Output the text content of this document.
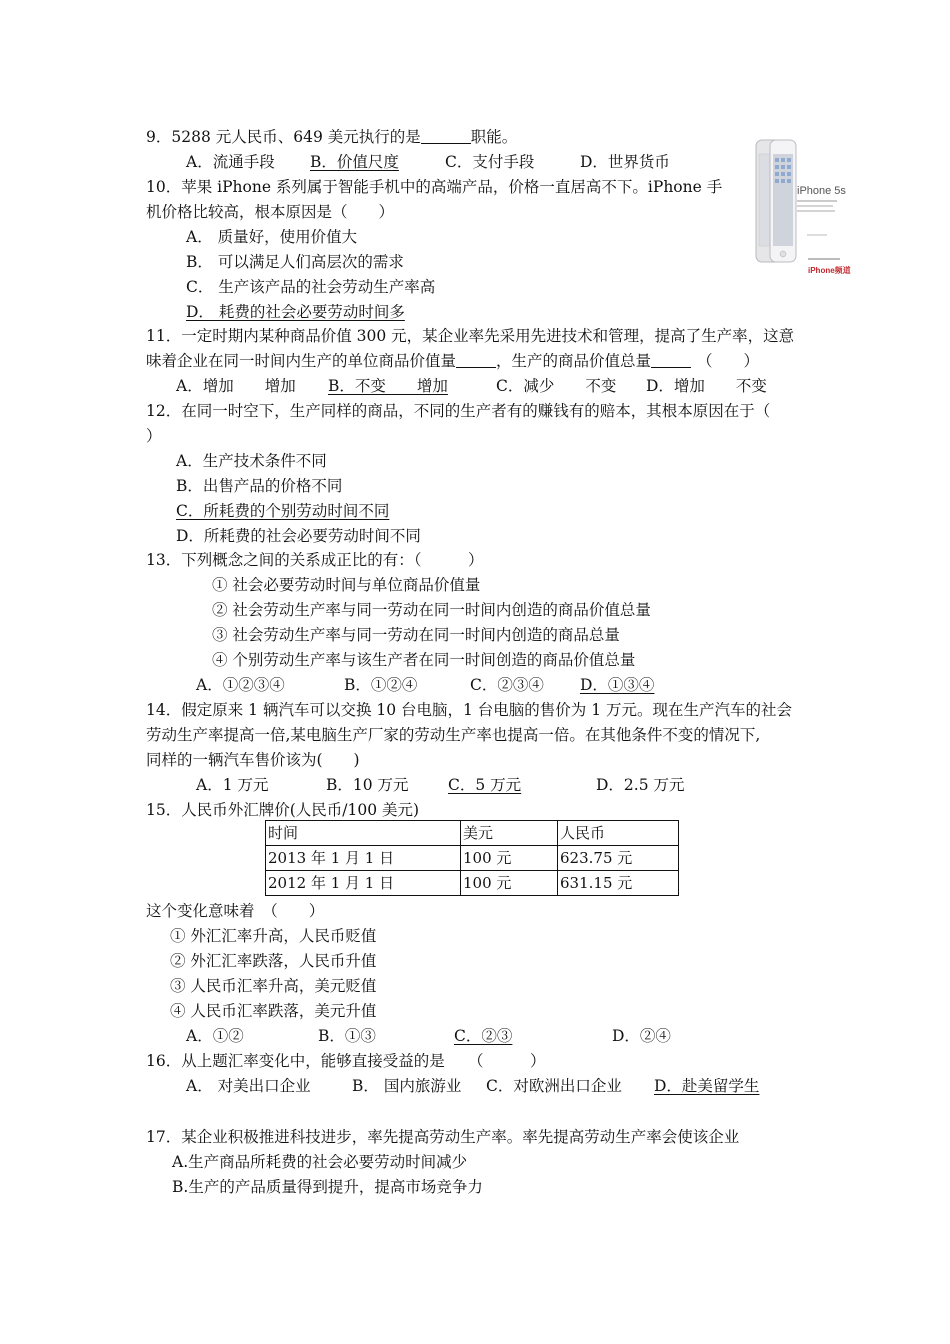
9．5288 元人民币、649 美元执行的是	职能。
A．流通手段 B．价值尺度	C．支付手段	D．世界货币
iPhone 5s
iPhone频道
10．苹果 iPhone 系列属于智能手机中的高端产品，价格一直居高不下。iPhone 手
机价格比较高，根本原因是（　　）
A． 质量好，使用价值大
B． 可以满足人们高层次的需求
C． 生产该产品的社会劳动生产率高
D． 耗费的社会必要劳动时间多
11．一定时期内某种商品价值 300 元，某企业率先采用先进技术和管理，提高了生产率，这意
味着企业在同一时间内生产的单位商品价值量	，生产的商品价值总量	（　　）
A．增加　　增加 B．不变　　增加	C．减少　　不变 D．增加　　不变
12．在同一时空下，生产同样的商品，不同的生产者有的赚钱有的赔本，其根本原因在于（
）
A．生产技术条件不同
B．出售产品的价格不同
C．所耗费的个别劳动时间不同
D．所耗费的社会必要劳动时间不同
13．下列概念之间的关系成正比的有：（　　　）
① 社会必要劳动时间与单位商品价值量
② 社会劳动生产率与同一劳动在同一时间内创造的商品价值总量
③ 社会劳动生产率与同一劳动在同一时间内创造的商品总量
④ 个别劳动生产率与该生产者在同一时间创造的商品价值总量
A．①②③④	B．①②④	C．②③④ D．①③④
14．假定原来 1 辆汽车可以交换 10 台电脑，1 台电脑的售价为 1 万元。现在生产汽车的社会
劳动生产率提高一倍,某电脑生产厂家的劳动生产率也提高一倍。在其他条件不变的情况下,
同样的一辆汽车售价该为(　　)
A．1 万元	B．10 万元	C．5 万元	D．2.5 万元
15．人民币外汇牌价(人民币/100 美元)
时间	美元	人民币
2013 年 1 月 1 日	100 元	623.75 元
2012 年 1 月 1 日	100 元	631.15 元
这个变化意味着　（　　）
① 外汇汇率升高，人民币贬值
② 外汇汇率跌落，人民币升值
③ 人民币汇率升高，美元贬值
④ 人民币汇率跌落，美元升值
A．①②	B．①③	C．②③	D．②④
16．从上题汇率变化中，能够直接受益的是　　（　　　）
A． 对美出口企业	B． 国内旅游业 C．对欧洲出口企业 D．赴美留学生
17．某企业积极推进科技进步，率先提高劳动生产率。率先提高劳动生产率会使该企业
A.生产商品所耗费的社会必要劳动时间减少
B.生产的产品质量得到提升，提高市场竞争力
